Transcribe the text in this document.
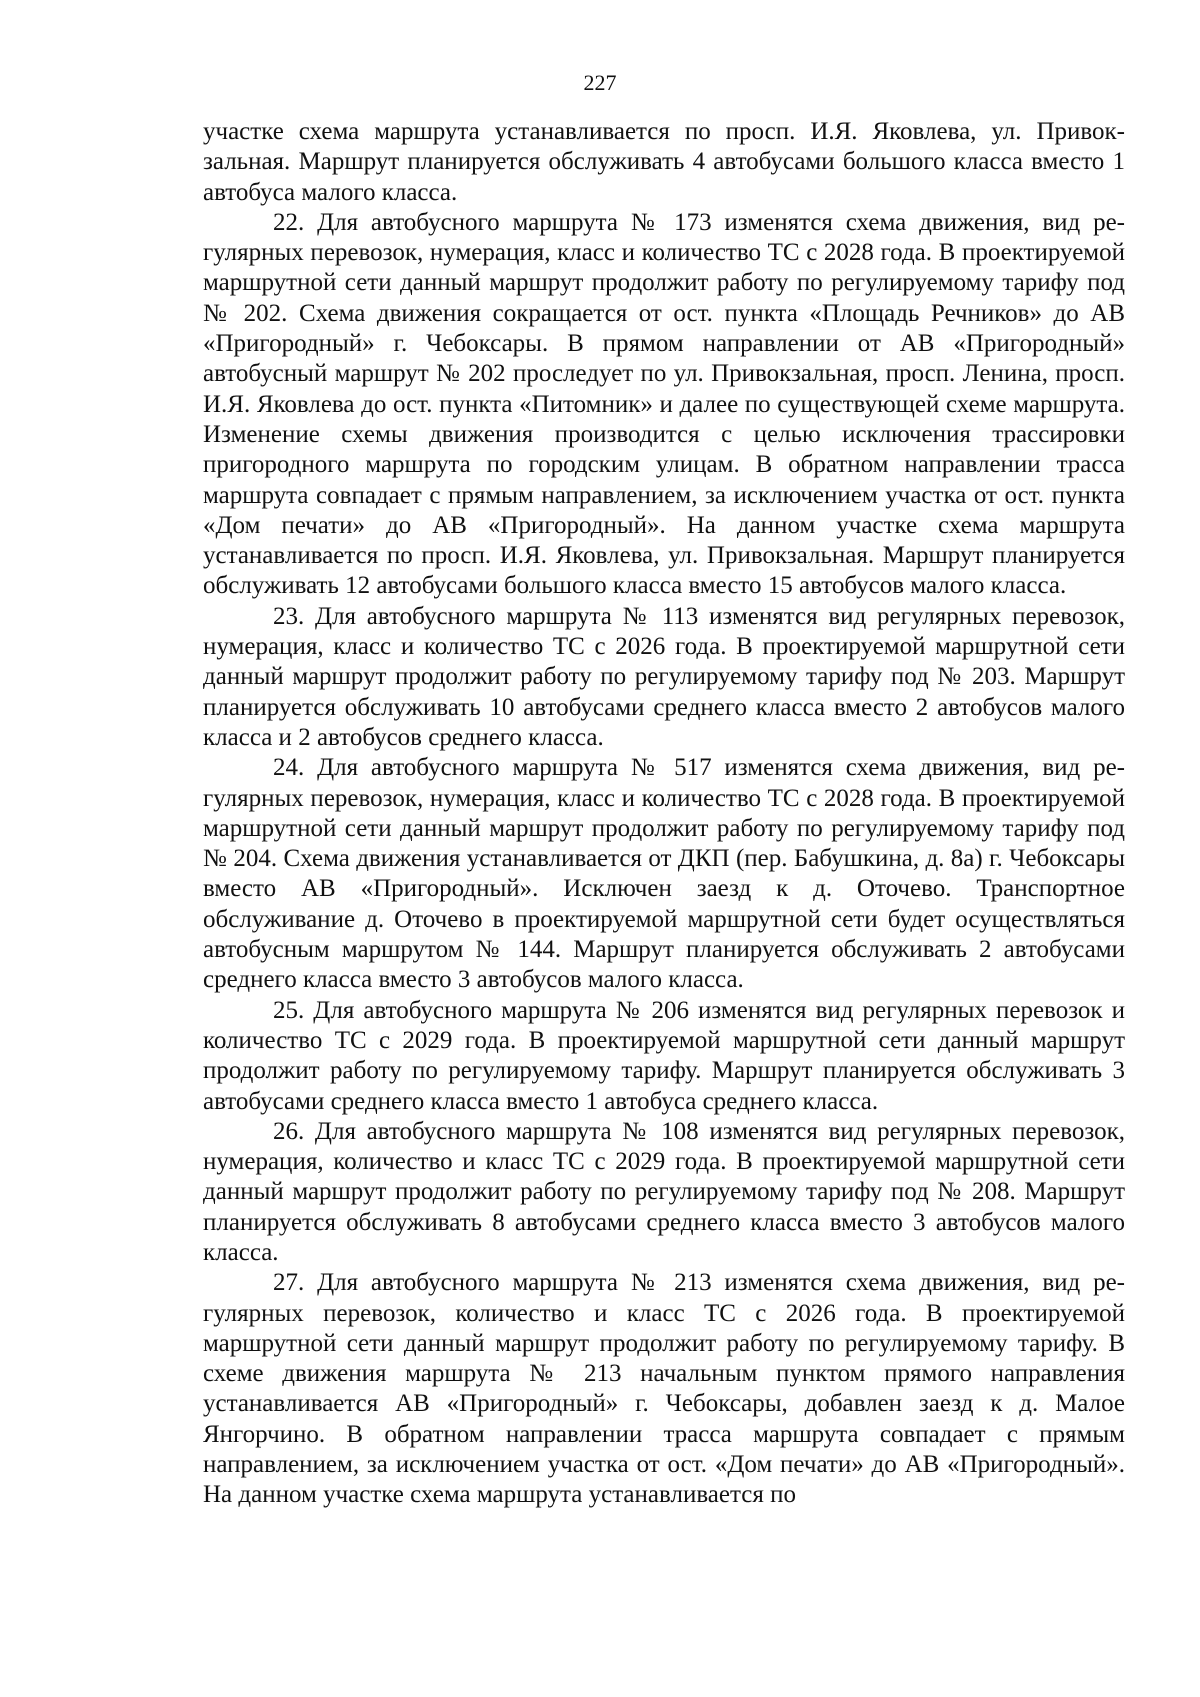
227

участке схема маршрута устанавливается по просп. И.Я. Яковлева, ул. Привокзальная. Маршрут планируется обслуживать 4 автобусами большого класса вместо 1 автобуса малого класса.

22. Для автобусного маршрута № 173 изменятся схема движения, вид регулярных перевозок, нумерация, класс и количество ТС с 2028 года. В проектируемой маршрутной сети данный маршрут продолжит работу по регулируемому тарифу под № 202. Схема движения сокращается от ост. пункта «Площадь Речников» до АВ «Пригородный» г. Чебоксары. В прямом направлении от АВ «Пригородный» автобусный маршрут № 202 проследует по ул. Привокзальная, просп. Ленина, просп. И.Я. Яковлева до ост. пункта «Питомник» и далее по существующей схеме маршрута. Изменение схемы движения производится с целью исключения трассировки пригородного маршрута по городским улицам. В обратном направлении трасса маршрута совпадает с прямым направлением, за исключением участка от ост. пункта «Дом печати» до АВ «Пригородный». На данном участке схема маршрута устанавливается по просп. И.Я. Яковлева, ул. Привокзальная. Маршрут планируется обслуживать 12 автобусами большого класса вместо 15 автобусов малого класса.

23. Для автобусного маршрута № 113 изменятся вид регулярных перевозок, нумерация, класс и количество ТС с 2026 года. В проектируемой маршрутной сети данный маршрут продолжит работу по регулируемому тарифу под № 203. Маршрут планируется обслуживать 10 автобусами среднего класса вместо 2 автобусов малого класса и 2 автобусов среднего класса.

24. Для автобусного маршрута № 517 изменятся схема движения, вид регулярных перевозок, нумерация, класс и количество ТС с 2028 года. В проектируемой маршрутной сети данный маршрут продолжит работу по регулируемому тарифу под № 204. Схема движения устанавливается от ДКП (пер. Бабушкина, д. 8а) г. Чебоксары вместо АВ «Пригородный». Исключен заезд к д. Оточево. Транспортное обслуживание д. Оточево в проектируемой маршрутной сети будет осуществляться автобусным маршрутом № 144. Маршрут планируется обслуживать 2 автобусами среднего класса вместо 3 автобусов малого класса.

25. Для автобусного маршрута № 206 изменятся вид регулярных перевозок и количество ТС с 2029 года. В проектируемой маршрутной сети данный маршрут продолжит работу по регулируемому тарифу. Маршрут планируется обслуживать 3 автобусами среднего класса вместо 1 автобуса среднего класса.

26. Для автобусного маршрута № 108 изменятся вид регулярных перевозок, нумерация, количество и класс ТС с 2029 года. В проектируемой маршрутной сети данный маршрут продолжит работу по регулируемому тарифу под № 208. Маршрут планируется обслуживать 8 автобусами среднего класса вместо 3 автобусов малого класса.

27. Для автобусного маршрута № 213 изменятся схема движения, вид регулярных перевозок, количество и класс ТС с 2026 года. В проектируемой маршрутной сети данный маршрут продолжит работу по регулируемому тарифу. В схеме движения маршрута № 213 начальным пунктом прямого направления устанавливается АВ «Пригородный» г. Чебоксары, добавлен заезд к д. Малое Янгорчино. В обратном направлении трасса маршрута совпадает с прямым направлением, за исключением участка от ост. «Дом печати» до АВ «Пригородный». На данном участке схема маршрута устанавливается по
